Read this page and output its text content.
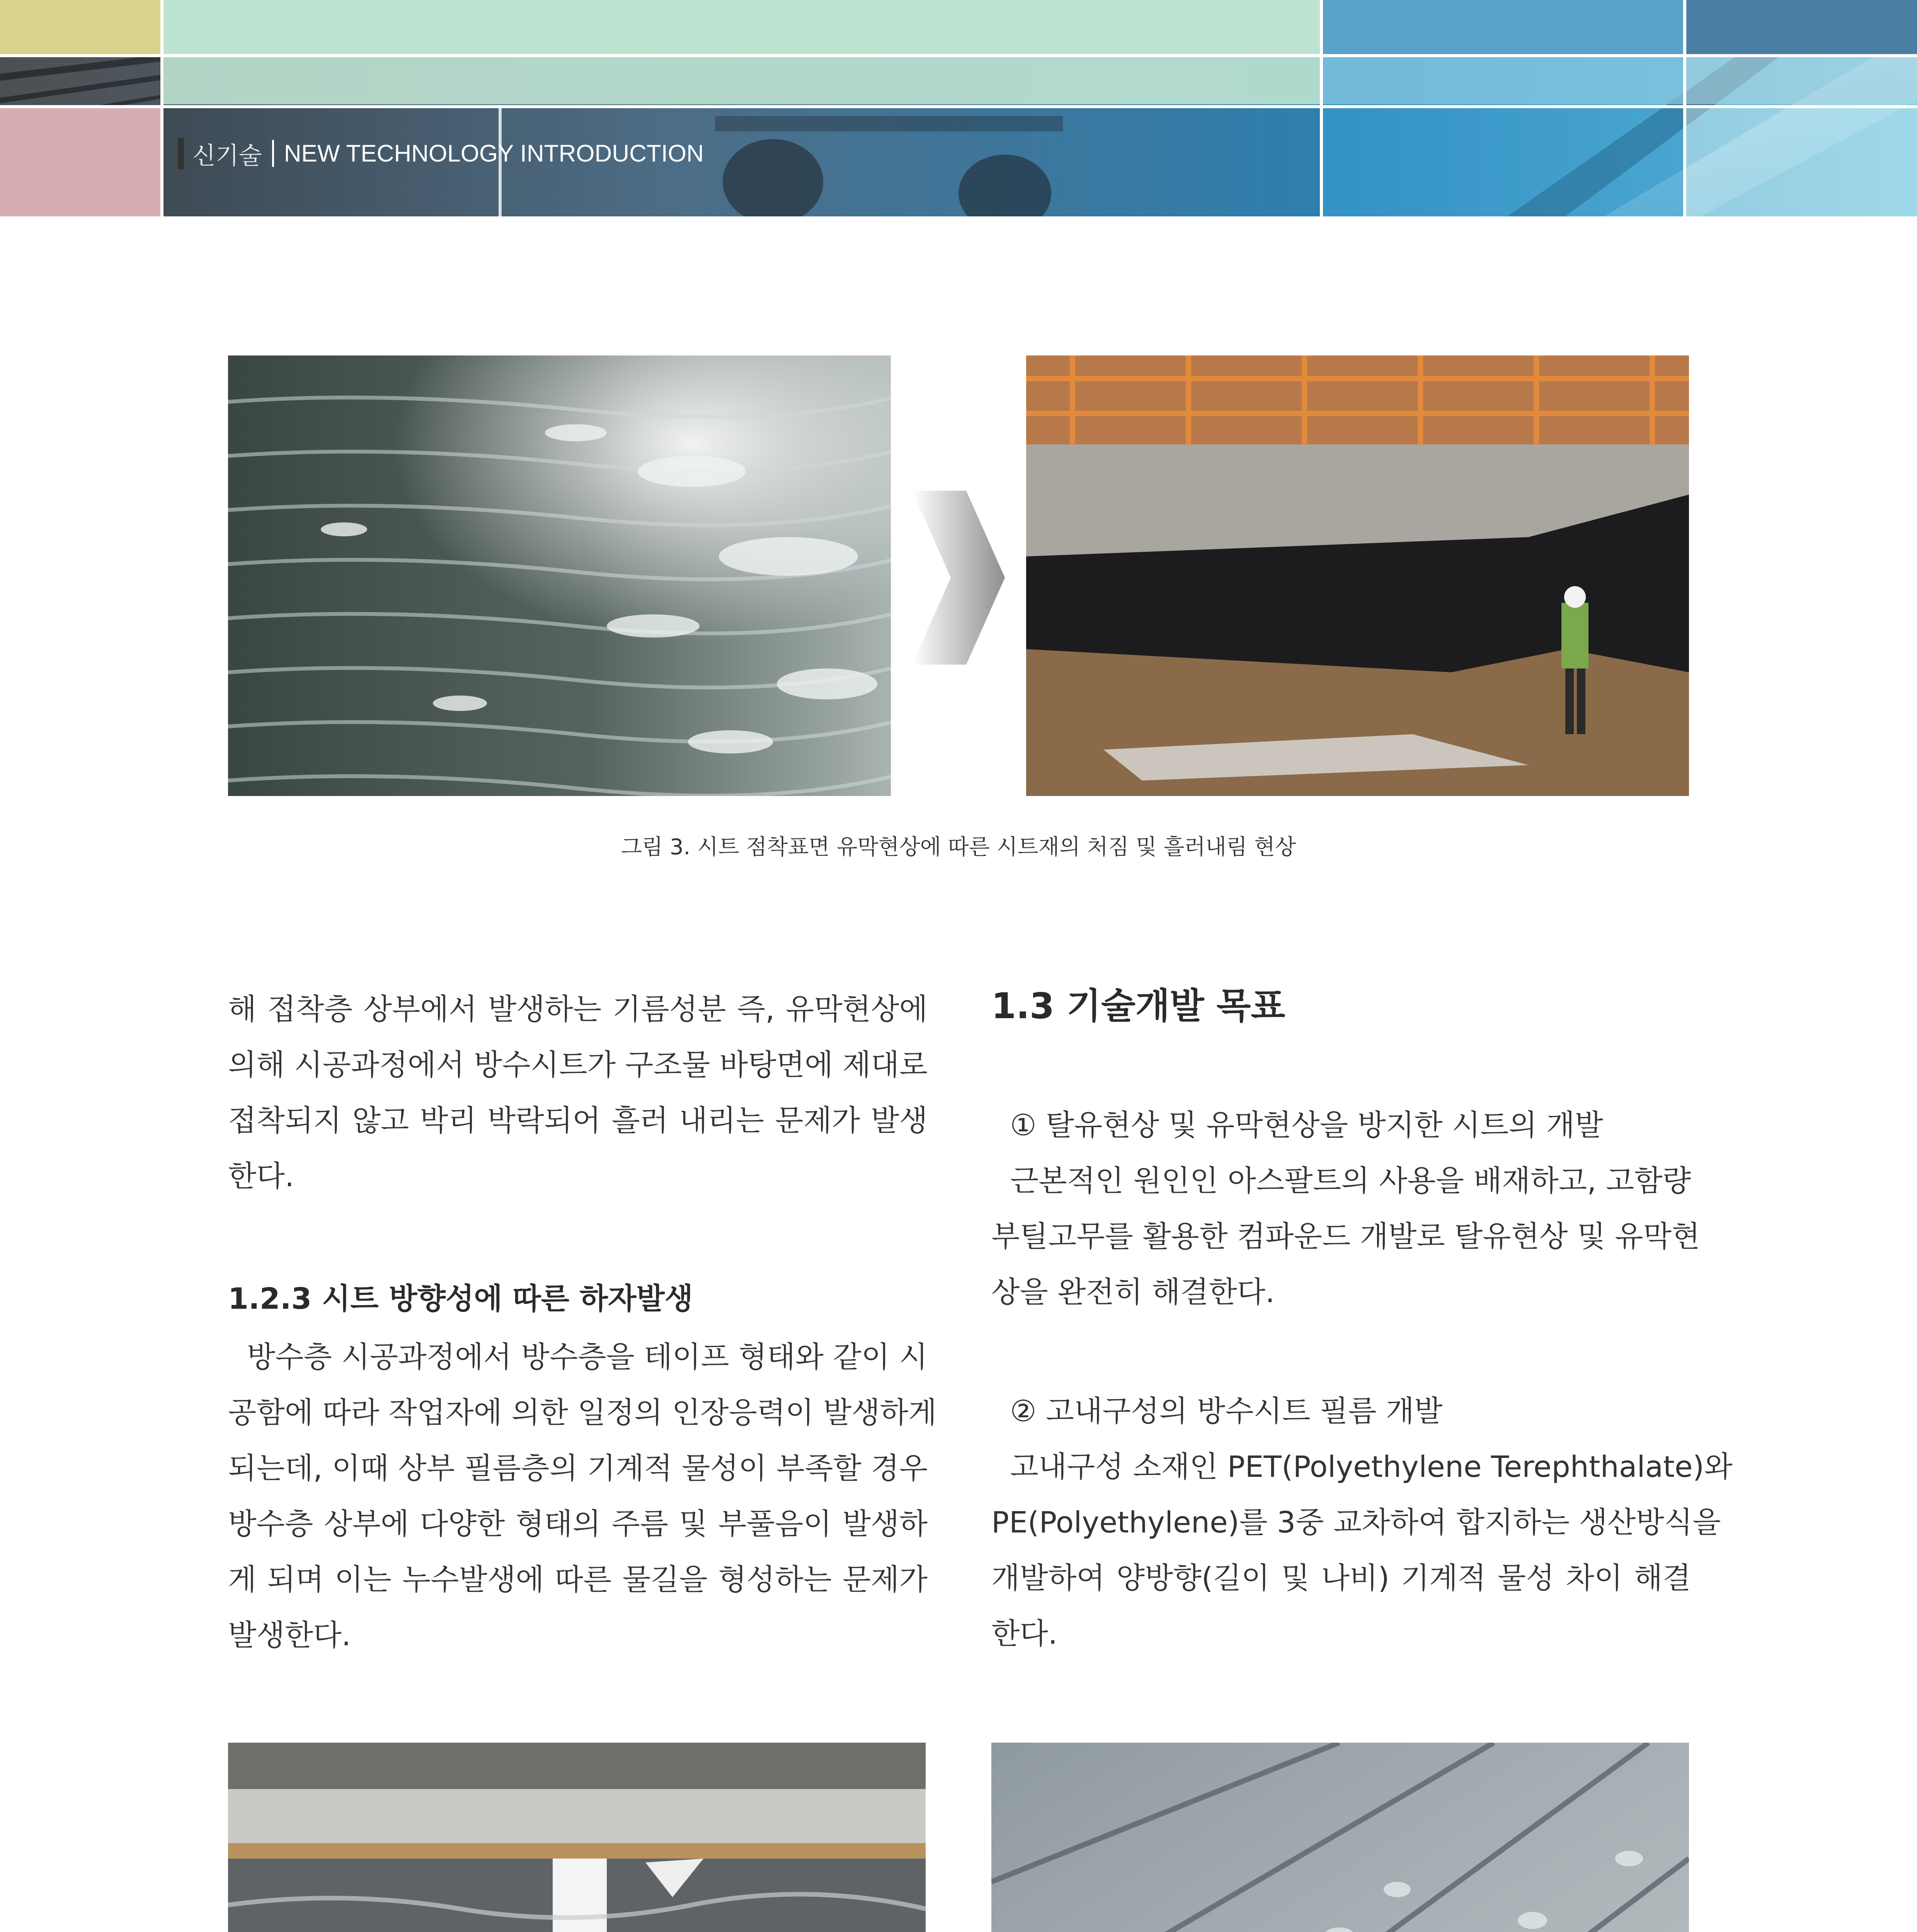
신기술 NEW TECHNOLOGY INTRODUCTION
그림 3. 시트 점착표면 유막현상에 따른 시트재의 처짐 및 흘러내림 현상
해 접착층 상부에서 발생하는 기름성분 즉, 유막현상에
의해 시공과정에서 방수시트가 구조물 바탕면에 제대로
접착되지 않고 박리 박락되어 흘러 내리는 문제가 발생
한다.
1.2.3 시트 방향성에 따른 하자발생
방수층 시공과정에서 방수층을 테이프 형태와 같이 시
공함에 따라 작업자에 의한 일정의 인장응력이 발생하게
되는데, 이때 상부 필름층의 기계적 물성이 부족할 경우
방수층 상부에 다양한 형태의 주름 및 부풀음이 발생하
게 되며 이는 누수발생에 따른 물길을 형성하는 문제가
발생한다.
1.3 기술개발 목표
① 탈유현상 및 유막현상을 방지한 시트의 개발
근본적인 원인인 아스팔트의 사용을 배재하고, 고함량
부틸고무를 활용한 컴파운드 개발로 탈유현상 및 유막현
상을 완전히 해결한다.
② 고내구성의 방수시트 필름 개발
고내구성 소재인 PET(Polyethylene Terephthalate)와
PE(Polyethylene)를 3중 교차하여 합지하는 생산방식을
개발하여 양방향(길이 및 나비) 기계적 물성 차이 해결
한다.
